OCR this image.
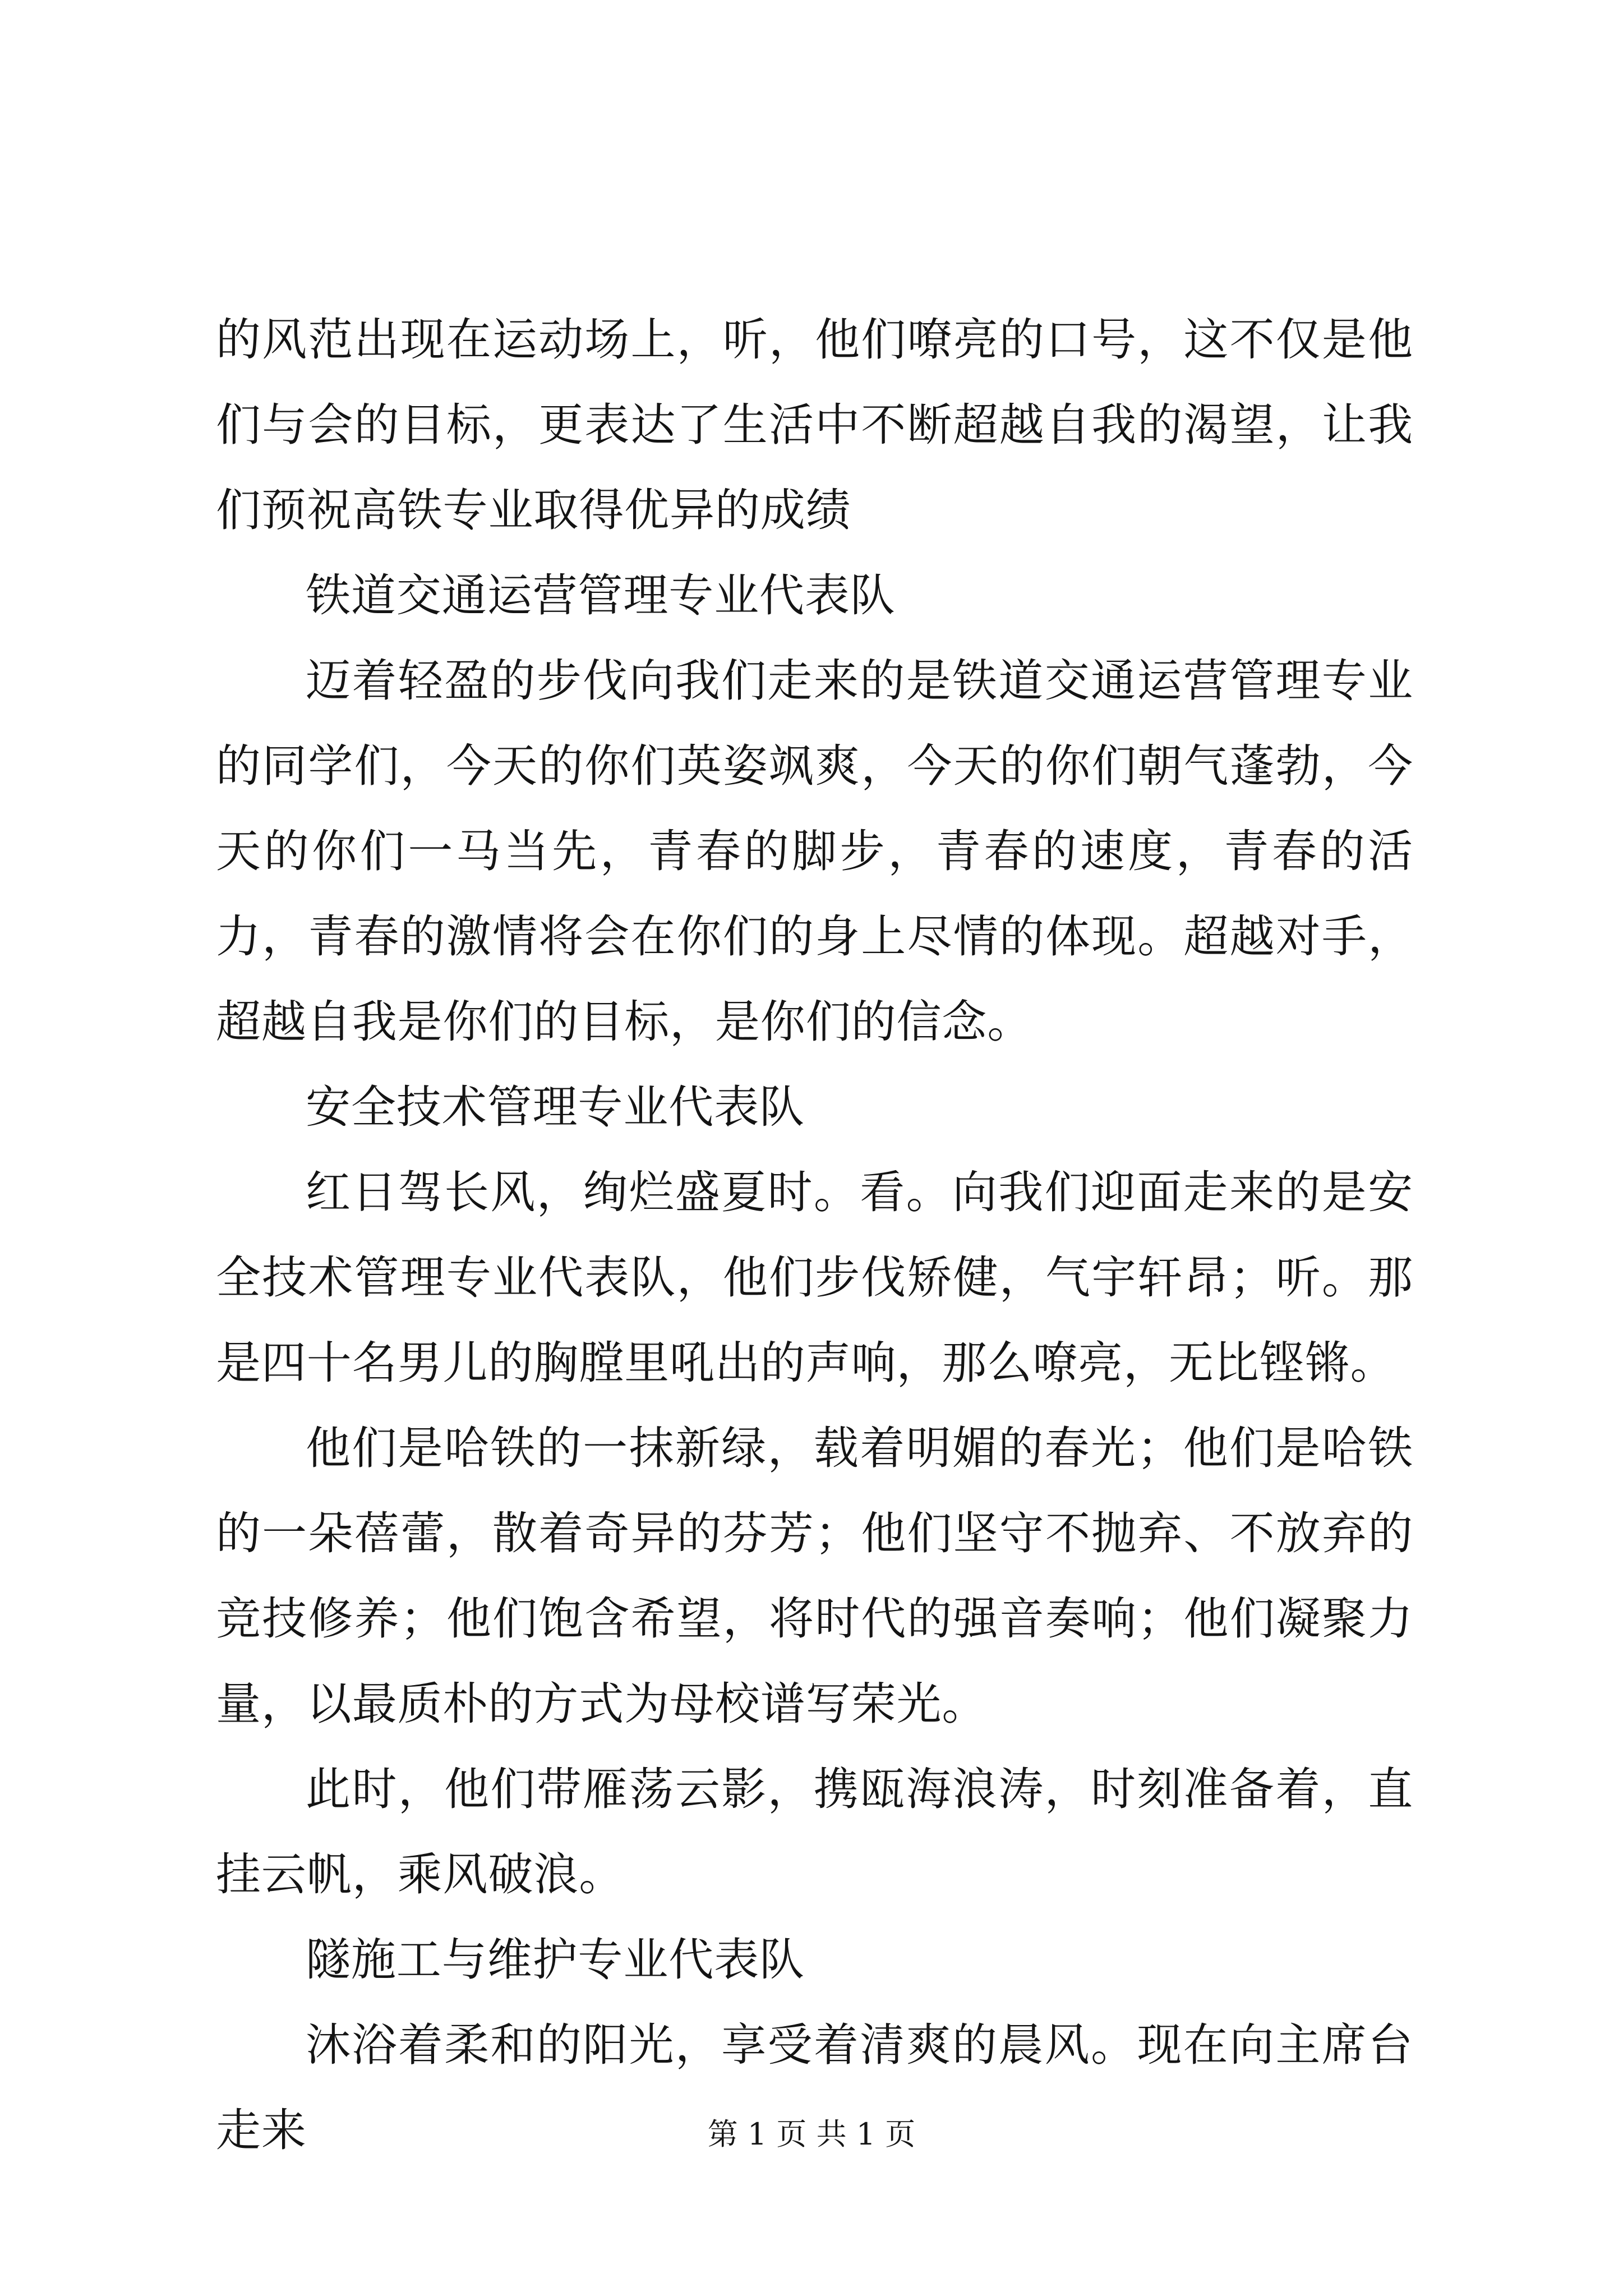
的风范出现在运动场上，听，他们嘹亮的口号，这不仅是他们与会的目标，更表达了生活中不断超越自我的渴望，让我们预祝高铁专业取得优异的成绩

铁道交通运营管理专业代表队

迈着轻盈的步伐向我们走来的是铁道交通运营管理专业的同学们，今天的你们英姿飒爽，今天的你们朝气蓬勃，今天的你们一马当先，青春的脚步，青春的速度，青春的活力，青春的激情将会在你们的身上尽情的体现。超越对手，超越自我是你们的目标，是你们的信念。

安全技术管理专业代表队

红日驾长风，绚烂盛夏时。看。向我们迎面走来的是安全技术管理专业代表队，他们步伐矫健，气宇轩昂；听。那是四十名男儿的胸膛里吼出的声响，那么嘹亮，无比铿锵。

他们是哈铁的一抹新绿，载着明媚的春光；他们是哈铁的一朵蓓蕾，散着奇异的芬芳；他们坚守不抛弃、不放弃的竞技修养；他们饱含希望，将时代的强音奏响；他们凝聚力量，以最质朴的方式为母校谱写荣光。

此时，他们带雁荡云影，携瓯海浪涛，时刻准备着，直挂云帆，乘风破浪。

隧施工与维护专业代表队

沐浴着柔和的阳光，享受着清爽的晨风。现在向主席台走来	第 1 页 共 1 页
